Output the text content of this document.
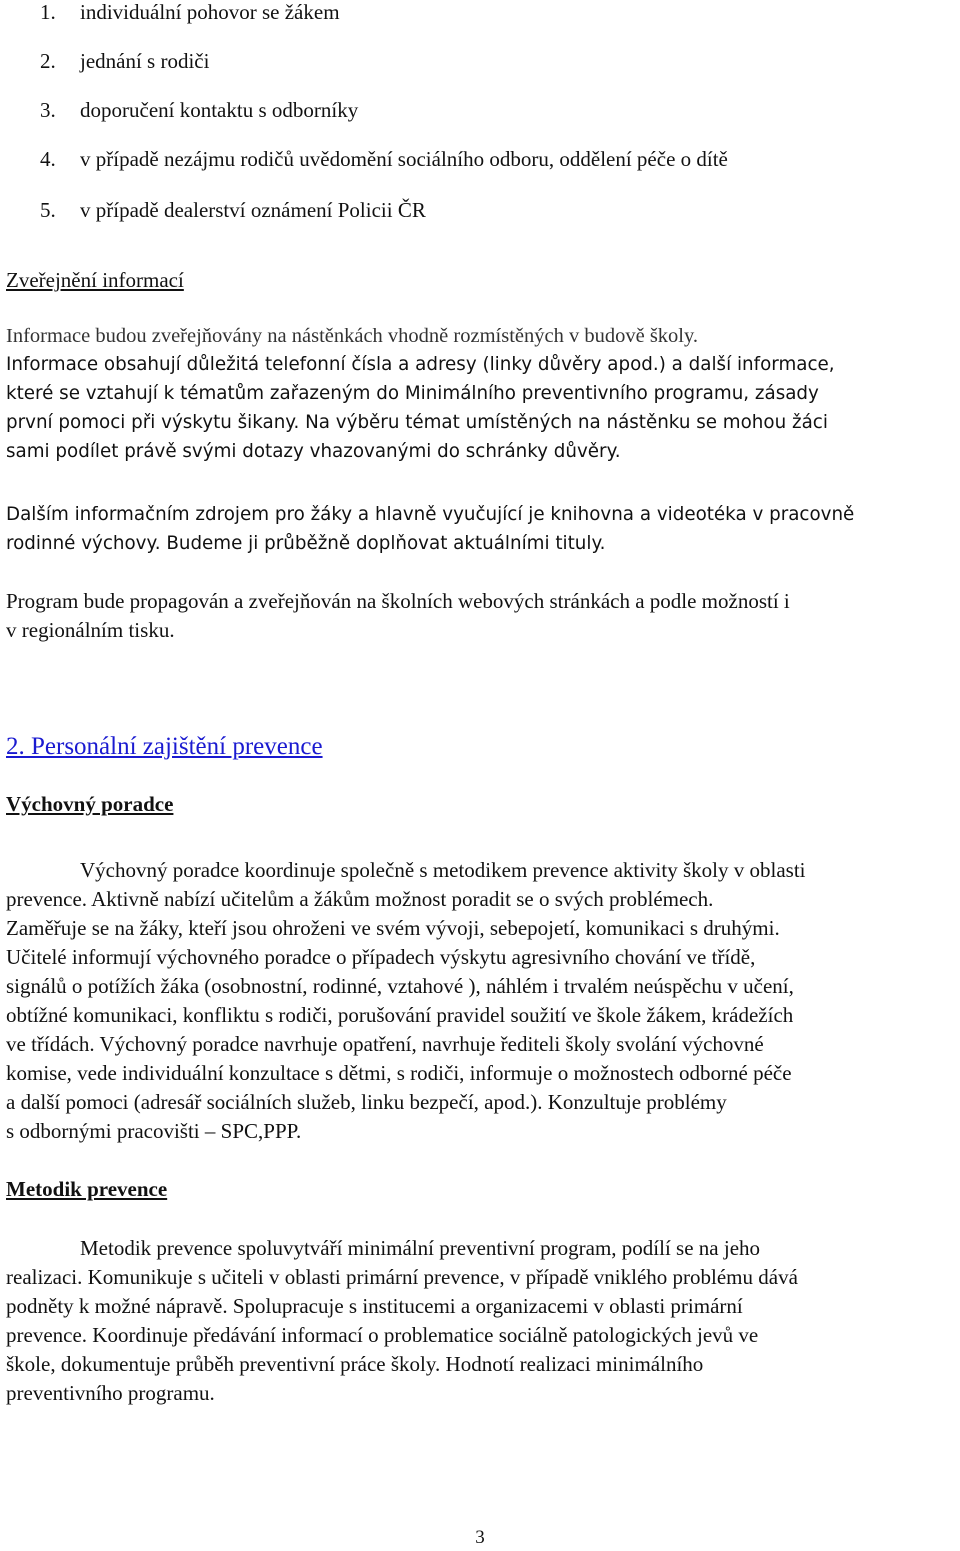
1. individuální pohovor se žákem
2. jednání s rodiči
3. doporučení kontaktu s odborníky
4. v případě nezájmu rodičů uvědomění sociálního odboru, oddělení péče o dítě
5. v případě dealerství oznámení Policii ČR
Zveřejnění informací
Informace budou zveřejňovány na nástěnkách vhodně rozmístěných v budově školy.
Informace obsahují důležitá telefonní čísla a adresy (linky důvěry apod.) a další informace,
které se vztahují k tématům zařazeným do Minimálního preventivního programu, zásady
první pomoci při výskytu šikany. Na výběru témat umístěných na nástěnku se mohou žáci
sami podílet právě svými dotazy vhazovanými do schránky důvěry.
Dalším informačním zdrojem pro žáky a hlavně vyučující je knihovna a videotéka v pracovně
rodinné výchovy. Budeme ji průběžně doplňovat aktuálními tituly.
Program bude propagován a zveřejňován na školních webových stránkách a podle možností i
v regionálním tisku.
2. Personální zajištění prevence
Výchovný poradce
Výchovný poradce koordinuje společně s metodikem prevence aktivity školy v oblasti
prevence. Aktivně nabízí učitelům a žákům možnost poradit se o svých problémech.
Zaměřuje se na žáky, kteří jsou ohroženi ve svém vývoji, sebepojetí, komunikaci s druhými.
Učitelé informují výchovného poradce o případech výskytu agresivního chování ve třídě,
signálů o potížích žáka (osobnostní, rodinné, vztahové ), náhlém i trvalém neúspěchu v učení,
obtížné komunikaci, konfliktu s rodiči, porušování pravidel soužití ve škole žákem, krádežích
ve třídách. Výchovný poradce navrhuje opatření, navrhuje řediteli školy svolání výchovné
komise, vede individuální konzultace s dětmi, s rodiči, informuje o možnostech odborné péče
a další pomoci (adresář sociálních služeb, linku bezpečí, apod.). Konzultuje problémy
s odbornými pracovišti – SPC,PPP.
Metodik prevence
Metodik prevence spoluvytváří minimální preventivní program, podílí se na jeho
realizaci. Komunikuje s učiteli v oblasti primární prevence, v případě vniklého problému dává
podněty k možné nápravě. Spolupracuje s institucemi a organizacemi v oblasti primární
prevence. Koordinuje předávání informací o problematice sociálně patologických jevů ve
škole, dokumentuje průběh preventivní práce školy. Hodnotí realizaci minimálního
preventivního programu.
3
